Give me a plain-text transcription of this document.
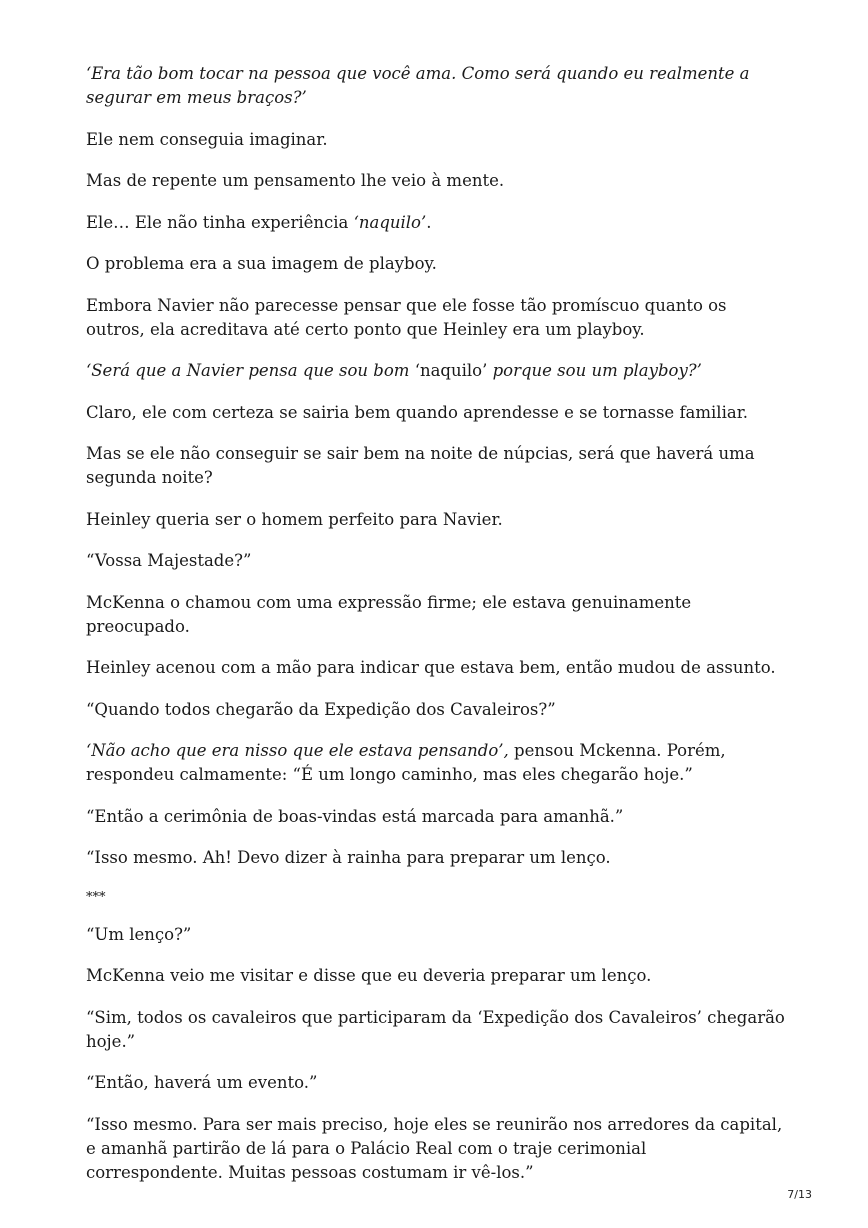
‘Era tão bom tocar na pessoa que você ama. Como será quando eu realmente a segurar em meus braços?’

Ele nem conseguia imaginar.

Mas de repente um pensamento lhe veio à mente.

Ele… Ele não tinha experiência ‘naquilo’.

O problema era a sua imagem de playboy.

Embora Navier não parecesse pensar que ele fosse tão promíscuo quanto os outros, ela acreditava até certo ponto que Heinley era um playboy.

‘Será que a Navier pensa que sou bom ‘naquilo’ porque sou um playboy?’

Claro, ele com certeza se sairia bem quando aprendesse e se tornasse familiar.

Mas se ele não conseguir se sair bem na noite de núpcias, será que haverá uma segunda noite?

Heinley queria ser o homem perfeito para Navier.

“Vossa Majestade?”

McKenna o chamou com uma expressão firme; ele estava genuinamente preocupado.

Heinley acenou com a mão para indicar que estava bem, então mudou de assunto.

“Quando todos chegarão da Expedição dos Cavaleiros?”

‘Não acho que era nisso que ele estava pensando’, pensou Mckenna. Porém, respondeu calmamente: “É um longo caminho, mas eles chegarão hoje.”

“Então a cerimônia de boas-vindas está marcada para amanhã.”

“Isso mesmo. Ah! Devo dizer à rainha para preparar um lenço.

***

“Um lenço?”

McKenna veio me visitar e disse que eu deveria preparar um lenço.

“Sim, todos os cavaleiros que participaram da ‘Expedição dos Cavaleiros’ chegarão hoje.”

“Então, haverá um evento.”

“Isso mesmo. Para ser mais preciso, hoje eles se reunirão nos arredores da capital, e amanhã partirão de lá para o Palácio Real com o traje cerimonial correspondente. Muitas pessoas costumam ir vê-los.”

7/13
